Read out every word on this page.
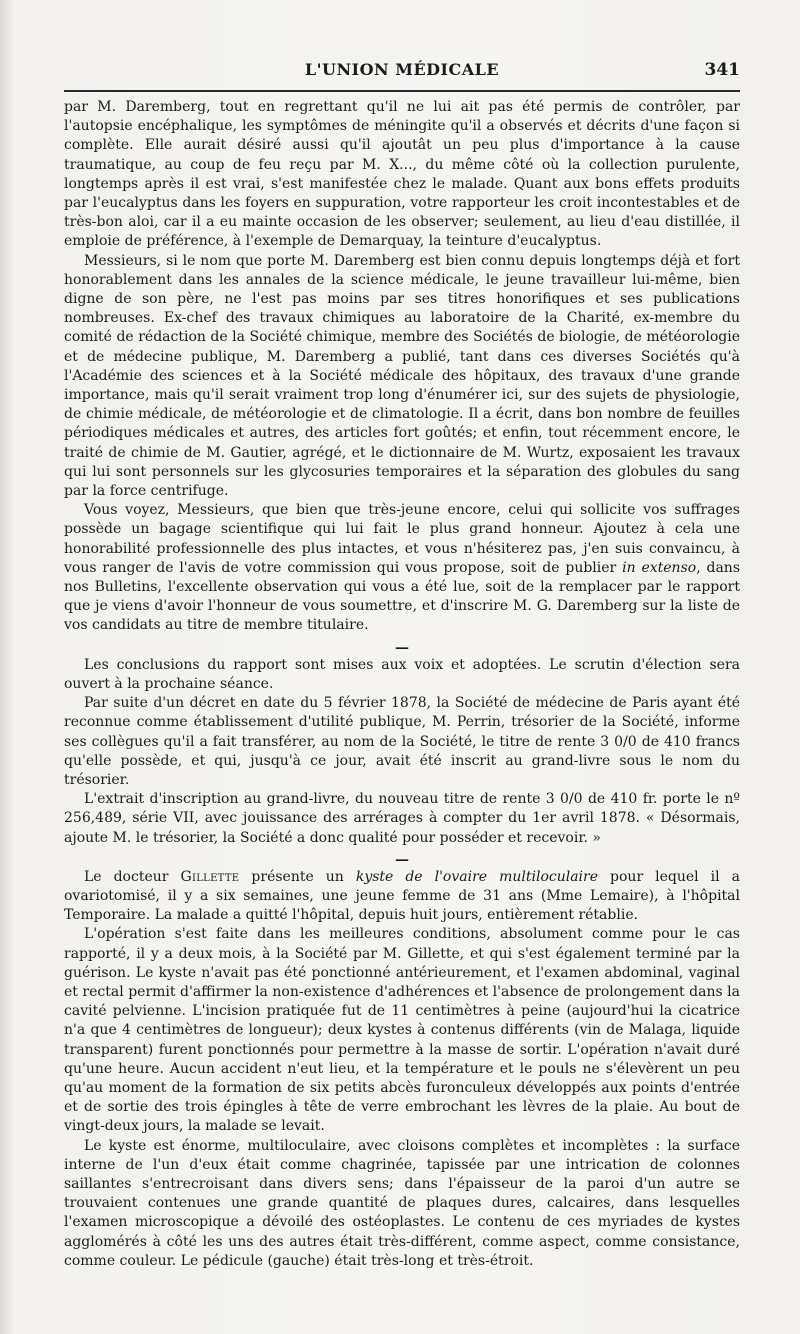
L'UNION MÉDICALE	341

par M. Daremberg, tout en regrettant qu'il ne lui ait pas été permis de contrôler, par l'autopsie encéphalique, les symptômes de méningite qu'il a observés et décrits d'une façon si complète. Elle aurait désiré aussi qu'il ajoutât un peu plus d'importance à la cause traumatique, au coup de feu reçu par M. X..., du même côté où la collection purulente, longtemps après il est vrai, s'est manifestée chez le malade. Quant aux bons effets produits par l'eucalyptus dans les foyers en suppuration, votre rapporteur les croit incontestables et de très-bon aloi, car il a eu mainte occasion de les observer; seulement, au lieu d'eau distillée, il emploie de préférence, à l'exemple de Demarquay, la teinture d'eucalyptus.

Messieurs, si le nom que porte M. Daremberg est bien connu depuis longtemps déjà et fort honorablement dans les annales de la science médicale, le jeune travailleur lui-même, bien digne de son père, ne l'est pas moins par ses titres honorifiques et ses publications nombreuses. Ex-chef des travaux chimiques au laboratoire de la Charité, ex-membre du comité de rédaction de la Société chimique, membre des Sociétés de biologie, de météorologie et de médecine publique, M. Daremberg a publié, tant dans ces diverses Sociétés qu'à l'Académie des sciences et à la Société médicale des hôpitaux, des travaux d'une grande importance, mais qu'il serait vraiment trop long d'énumérer ici, sur des sujets de physiologie, de chimie médicale, de météorologie et de climatologie. Il a écrit, dans bon nombre de feuilles périodiques médicales et autres, des articles fort goûtés; et enfin, tout récemment encore, le traité de chimie de M. Gautier, agrégé, et le dictionnaire de M. Wurtz, exposaient les travaux qui lui sont personnels sur les glycosuries temporaires et la séparation des globules du sang par la force centrifuge.

Vous voyez, Messieurs, que bien que très-jeune encore, celui qui sollicite vos suffrages possède un bagage scientifique qui lui fait le plus grand honneur. Ajoutez à cela une honorabilité professionnelle des plus intactes, et vous n'hésiterez pas, j'en suis convaincu, à vous ranger de l'avis de votre commission qui vous propose, soit de publier in extenso, dans nos Bulletins, l'excellente observation qui vous a été lue, soit de la remplacer par le rapport que je viens d'avoir l'honneur de vous soumettre, et d'inscrire M. G. Daremberg sur la liste de vos candidats au titre de membre titulaire.

—

Les conclusions du rapport sont mises aux voix et adoptées. Le scrutin d'élection sera ouvert à la prochaine séance.

Par suite d'un décret en date du 5 février 1878, la Société de médecine de Paris ayant été reconnue comme établissement d'utilité publique, M. Perrin, trésorier de la Société, informe ses collègues qu'il a fait transférer, au nom de la Société, le titre de rente 3 0/0 de 410 francs qu'elle possède, et qui, jusqu'à ce jour, avait été inscrit au grand-livre sous le nom du trésorier.

L'extrait d'inscription au grand-livre, du nouveau titre de rente 3 0/0 de 410 fr. porte le nº 256,489, série VII, avec jouissance des arrérages à compter du 1er avril 1878. « Désormais, ajoute M. le trésorier, la Société a donc qualité pour posséder et recevoir. »

—

Le docteur Gillette présente un kyste de l'ovaire multiloculaire pour lequel il a ovariotomisé, il y a six semaines, une jeune femme de 31 ans (Mme Lemaire), à l'hôpital Temporaire. La malade a quitté l'hôpital, depuis huit jours, entièrement rétablie.

L'opération s'est faite dans les meilleures conditions, absolument comme pour le cas rapporté, il y a deux mois, à la Société par M. Gillette, et qui s'est également terminé par la guérison. Le kyste n'avait pas été ponctionné antérieurement, et l'examen abdominal, vaginal et rectal permit d'affirmer la non-existence d'adhérences et l'absence de prolongement dans la cavité pelvienne. L'incision pratiquée fut de 11 centimètres à peine (aujourd'hui la cicatrice n'a que 4 centimètres de longueur); deux kystes à contenus différents (vin de Malaga, liquide transparent) furent ponctionnés pour permettre à la masse de sortir. L'opération n'avait duré qu'une heure. Aucun accident n'eut lieu, et la température et le pouls ne s'élevèrent un peu qu'au moment de la formation de six petits abcès furonculeux développés aux points d'entrée et de sortie des trois épingles à tête de verre embrochant les lèvres de la plaie. Au bout de vingt-deux jours, la malade se levait.

Le kyste est énorme, multiloculaire, avec cloisons complètes et incomplètes : la surface interne de l'un d'eux était comme chagrinée, tapissée par une intrication de colonnes saillantes s'entrecroisant dans divers sens; dans l'épaisseur de la paroi d'un autre se trouvaient contenues une grande quantité de plaques dures, calcaires, dans lesquelles l'examen microscopique a dévoilé des ostéoplastes. Le contenu de ces myriades de kystes agglomérés à côté les uns des autres était très-différent, comme aspect, comme consistance, comme couleur. Le pédicule (gauche) était très-long et très-étroit.
